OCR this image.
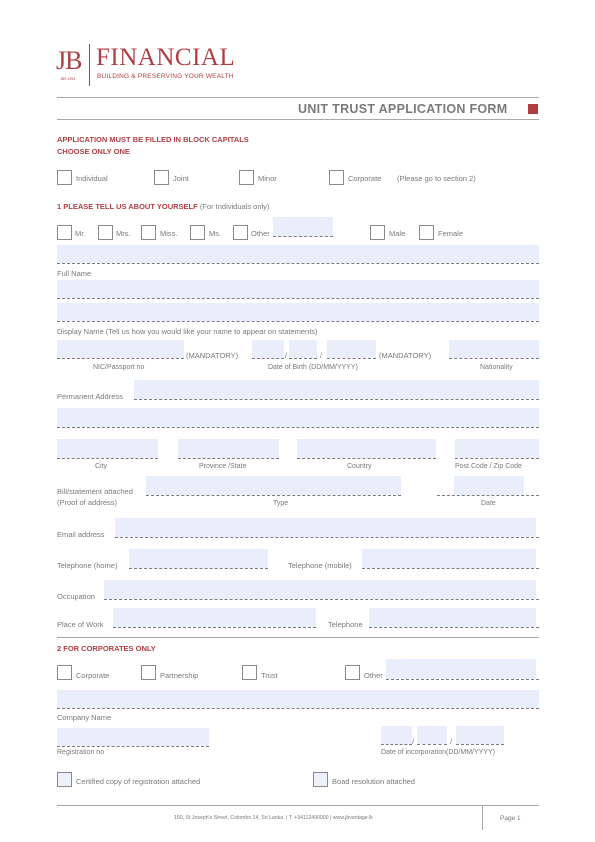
JB
JBS 1994
FINANCIAL
BUILDING & PRESERVING YOUR WEALTH
UNIT TRUST APPLICATION FORM
APPLICATION MUST BE FILLED IN BLOCK CAPITALS
CHOOSE ONLY ONE
Individual	Joint	Minor	Corporate (Please go to section 2)
1 PLEASE TELL US ABOUT YOURSELF (For Individuals only)
Mr.	Mrs.	Miss.	Ms.	Other	Male	Female
Full Name
Display Name (Tell us how you would like your name to appear on statements)
(MANDATORY)	/	/	(MANDATORY)
NIC/Passport no	Date of Birth (DD/MM/YYYY)	Nationality
Permanent Address
City	Province /State	Country	Post Code / Zip Code
Bill/statement attached
(Proof of address)	Type	Date
Email address
Telephone (home)	Telephone (mobile)
Occupation
Place of Work	Telephone
2 FOR CORPORATES ONLY
Corporate	Partnership	Trust	Other
Company Name
Registration no
/	/
Date of incorporation(DD/MM/YYYY)
Certified copy of registration attached	Boad resolution attached
150, St Joseph's Street, Colombo 14, Sri Lanka. | T: +94112490900 | www.jbvantage.lk	Page 1
